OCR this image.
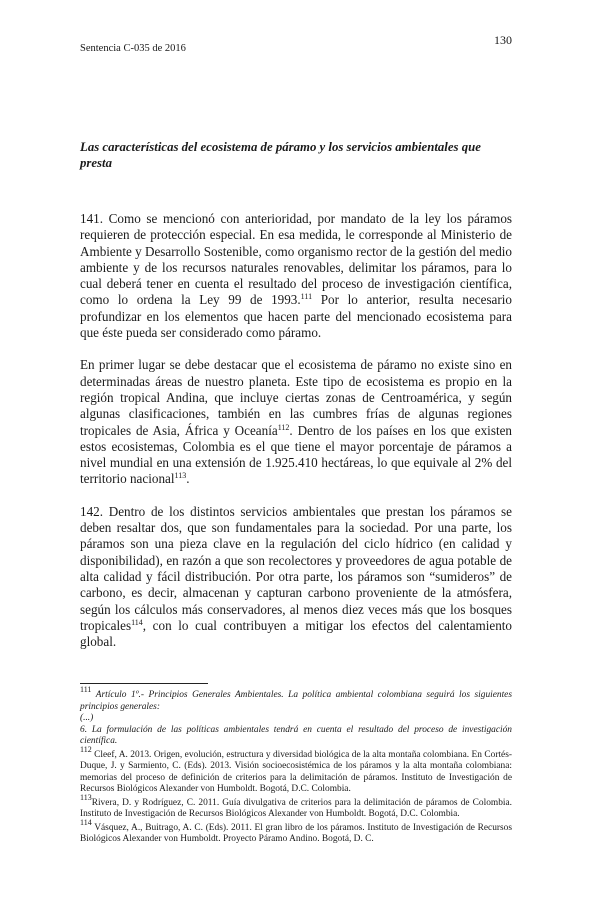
130
Sentencia C-035 de 2016
Las características del ecosistema de páramo y los servicios ambientales que presta

141. Como se mencionó con anterioridad, por mandato de la ley los páramos requieren de protección especial. En esa medida, le corresponde al Ministerio de Ambiente y Desarrollo Sostenible, como organismo rector de la gestión del medio ambiente y de los recursos naturales renovables, delimitar los páramos, para lo cual deberá tener en cuenta el resultado del proceso de investigación científica, como lo ordena la Ley 99 de 1993.$^{111}$ Por lo anterior, resulta necesario profundizar en los elementos que hacen parte del mencionado ecosistema para que éste pueda ser considerado como páramo.

En primer lugar se debe destacar que el ecosistema de páramo no existe sino en determinadas áreas de nuestro planeta. Este tipo de ecosistema es propio en la región tropical Andina, que incluye ciertas zonas de Centroamérica, y según algunas clasificaciones, también en las cumbres frías de algunas regiones tropicales de Asia, África y Oceanía$^{112}$. Dentro de los países en los que existen estos ecosistemas, Colombia es el que tiene el mayor porcentaje de páramos a nivel mundial en una extensión de 1.925.410 hectáreas, lo que equivale al 2% del territorio nacional$^{113}$.

142. Dentro de los distintos servicios ambientales que prestan los páramos se deben resaltar dos, que son fundamentales para la sociedad. Por una parte, los páramos son una pieza clave en la regulación del ciclo hídrico (en calidad y disponibilidad), en razón a que son recolectores y proveedores de agua potable de alta calidad y fácil distribución. Por otra parte, los páramos son “sumideros” de carbono, es decir, almacenan y capturan carbono proveniente de la atmósfera, según los cálculos más conservadores, al menos diez veces más que los bosques tropicales$^{114}$, con lo cual contribuyen a mitigar los efectos del calentamiento global.

$^{111}$ Artículo 1º.- Principios Generales Ambientales. La política ambiental colombiana seguirá los siguientes principios generales:
(...)
6. La formulación de las políticas ambientales tendrá en cuenta el resultado del proceso de investigación científica.
$^{112}$ Cleef, A. 2013. Origen, evolución, estructura y diversidad biológica de la alta montaña colombiana. En Cortés-Duque, J. y Sarmiento, C. (Eds). 2013. Visión socioecosistémica de los páramos y la alta montaña colombiana: memorias del proceso de definición de criterios para la delimitación de páramos. Instituto de Investigación de Recursos Biológicos Alexander von Humboldt. Bogotá, D.C. Colombia.
$^{113}$Rivera, D. y Rodríguez, C. 2011. Guía divulgativa de criterios para la delimitación de páramos de Colombia. Instituto de Investigación de Recursos Biológicos Alexander von Humboldt. Bogotá, D.C. Colombia.
$^{114}$ Vásquez, A., Buitrago, A. C. (Eds). 2011. El gran libro de los páramos. Instituto de Investigación de Recursos Biológicos Alexander von Humboldt. Proyecto Páramo Andino. Bogotá, D. C.
